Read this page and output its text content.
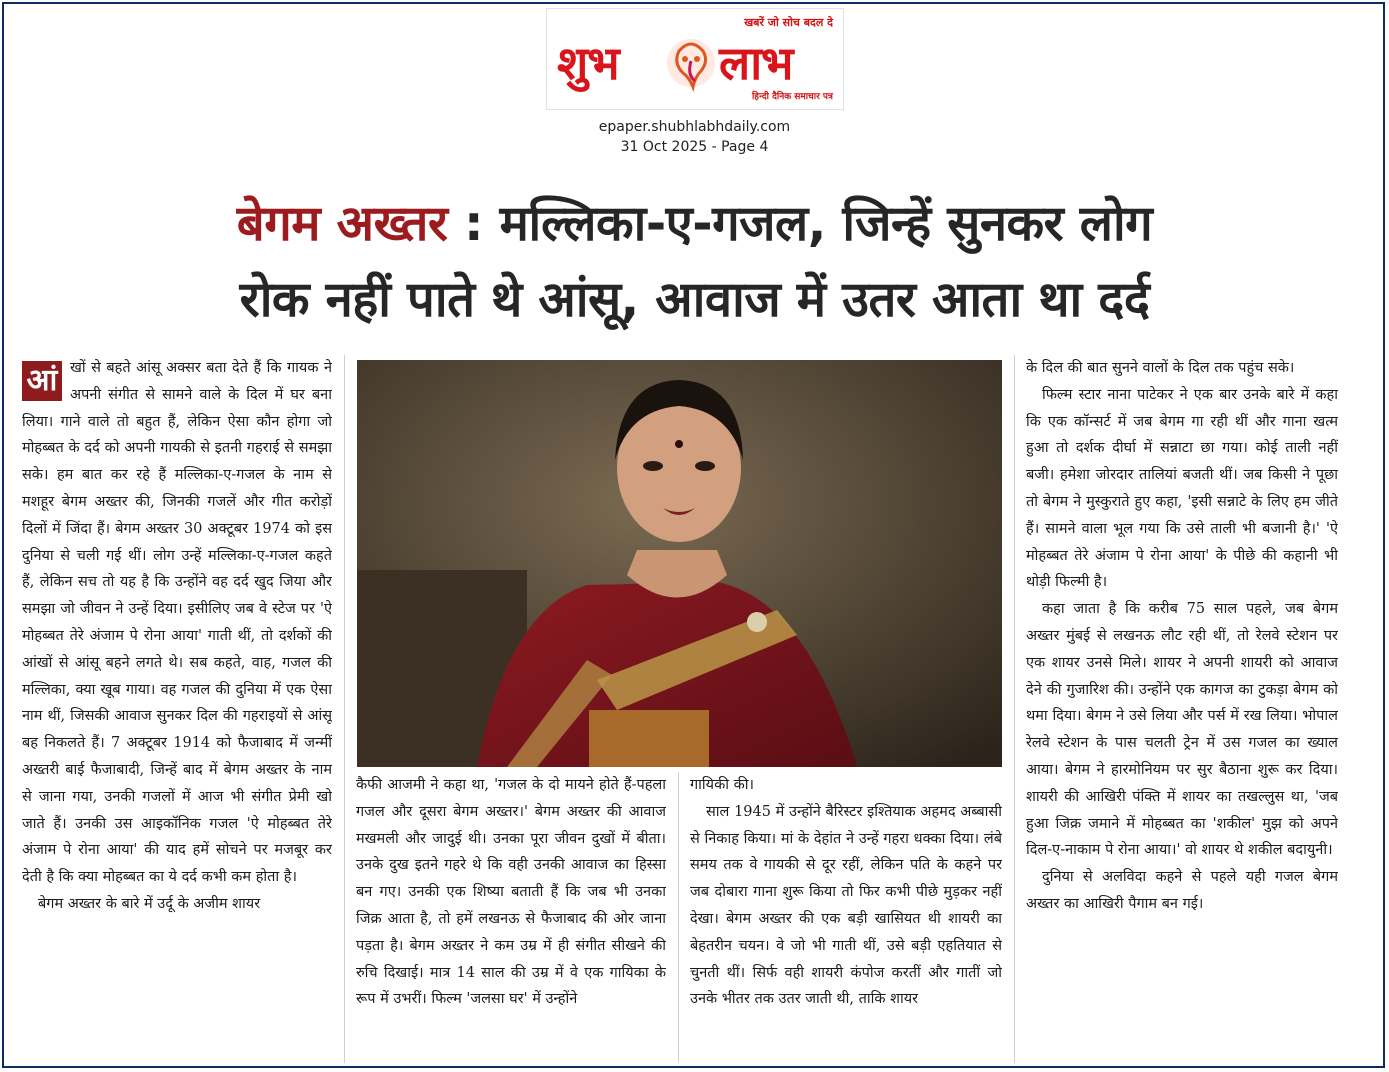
खबरें जो सोच बदल दे
शुभ लाभ
हिन्दी दैनिक समाचार पत्र
epaper.shubhlabhdaily.com
31 Oct 2025 - Page 4
बेगम अख्तर : मल्लिका-ए-गजल, जिन्हें सुनकर लोग
रोक नहीं पाते थे आंसू, आवाज में उतर आता था दर्द

आं खों से बहते आंसू अक्सर बता देते हैं कि गायक ने अपनी संगीत से सामने वाले के दिल में घर बना लिया। गाने वाले तो बहुत हैं, लेकिन ऐसा कौन होगा जो मोहब्बत के दर्द को अपनी गायकी से इतनी गहराई से समझा सके। हम बात कर रहे हैं मल्लिका-ए-गजल के नाम से मशहूर बेगम अख्तर की, जिनकी गजलें और गीत करोड़ों दिलों में जिंदा हैं। बेगम अख्तर 30 अक्टूबर 1974 को इस दुनिया से चली गई थीं। लोग उन्हें मल्लिका-ए-गजल कहते हैं, लेकिन सच तो यह है कि उन्होंने वह दर्द खुद जिया और समझा जो जीवन ने उन्हें दिया। इसीलिए जब वे स्टेज पर 'ऐ मोहब्बत तेरे अंजाम पे रोना आया' गाती थीं, तो दर्शकों की आंखों से आंसू बहने लगते थे। सब कहते, वाह, गजल की मल्लिका, क्या खूब गाया। वह गजल की दुनिया में एक ऐसा नाम थीं, जिसकी आवाज सुनकर दिल की गहराइयों से आंसू बह निकलते हैं। 7 अक्टूबर 1914 को फैजाबाद में जन्मीं अख्तरी बाई फैजाबादी, जिन्हें बाद में बेगम अख्तर के नाम से जाना गया, उनकी गजलों में आज भी संगीत प्रेमी खो जाते हैं। उनकी उस आइकॉनिक गजल 'ऐ मोहब्बत तेरे अंजाम पे रोना आया' की याद हमें सोचने पर मजबूर कर देती है कि क्या मोहब्बत का ये दर्द कभी कम होता है।

बेगम अख्तर के बारे में उर्दू के अजीम शायर

कैफी आजमी ने कहा था, 'गजल के दो मायने होते हैं-पहला गजल और दूसरा बेगम अख्तर।' बेगम अख्तर की आवाज मखमली और जादुई थी। उनका पूरा जीवन दुखों में बीता। उनके दुख इतने गहरे थे कि वही उनकी आवाज का हिस्सा बन गए। उनकी एक शिष्या बताती हैं कि जब भी उनका जिक्र आता है, तो हमें लखनऊ से फैजाबाद की ओर जाना पड़ता है। बेगम अख्तर ने कम उम्र में ही संगीत सीखने की रुचि दिखाई। मात्र 14 साल की उम्र में वे एक गायिका के रूप में उभरीं। फिल्म 'जलसा घर' में उन्होंने

गायिकी की।

साल 1945 में उन्होंने बैरिस्टर इश्तियाक अहमद अब्बासी से निकाह किया। मां के देहांत ने उन्हें गहरा धक्का दिया। लंबे समय तक वे गायकी से दूर रहीं, लेकिन पति के कहने पर जब दोबारा गाना शुरू किया तो फिर कभी पीछे मुड़कर नहीं देखा। बेगम अख्तर की एक बड़ी खासियत थी शायरी का बेहतरीन चयन। वे जो भी गाती थीं, उसे बड़ी एहतियात से चुनती थीं। सिर्फ वही शायरी कंपोज करतीं और गातीं जो उनके भीतर तक उतर जाती थी, ताकि शायर

के दिल की बात सुनने वालों के दिल तक पहुंच सके।

फिल्म स्टार नाना पाटेकर ने एक बार उनके बारे में कहा कि एक कॉन्सर्ट में जब बेगम गा रही थीं और गाना खत्म हुआ तो दर्शक दीर्घा में सन्नाटा छा गया। कोई ताली नहीं बजी। हमेशा जोरदार तालियां बजती थीं। जब किसी ने पूछा तो बेगम ने मुस्कुराते हुए कहा, 'इसी सन्नाटे के लिए हम जीते हैं। सामने वाला भूल गया कि उसे ताली भी बजानी है।' 'ऐ मोहब्बत तेरे अंजाम पे रोना आया' के पीछे की कहानी भी थोड़ी फिल्मी है।

कहा जाता है कि करीब 75 साल पहले, जब बेगम अख्तर मुंबई से लखनऊ लौट रही थीं, तो रेलवे स्टेशन पर एक शायर उनसे मिले। शायर ने अपनी शायरी को आवाज देने की गुजारिश की। उन्होंने एक कागज का टुकड़ा बेगम को थमा दिया। बेगम ने उसे लिया और पर्स में रख लिया। भोपाल रेलवे स्टेशन के पास चलती ट्रेन में उस गजल का ख्याल आया। बेगम ने हारमोनियम पर सुर बैठाना शुरू कर दिया। शायरी की आखिरी पंक्ति में शायर का तखल्लुस था, 'जब हुआ जिक्र जमाने में मोहब्बत का 'शकील' मुझ को अपने दिल-ए-नाकाम पे रोना आया।' वो शायर थे शकील बदायुनी।

दुनिया से अलविदा कहने से पहले यही गजल बेगम अख्तर का आखिरी पैगाम बन गई।
